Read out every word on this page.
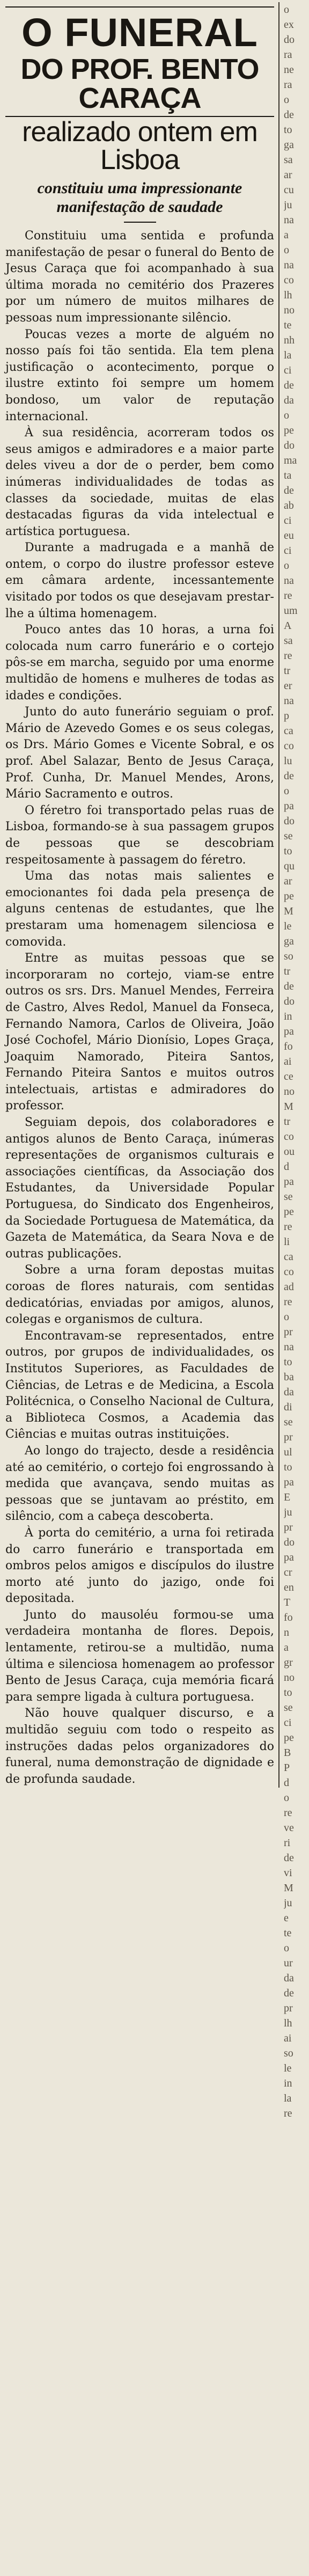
O FUNERAL
DO PROF. BENTO CARAÇA
realizado ontem em Lisboa
constituiu uma impressionante
manifestação de saudade

Constituiu uma sentida e profunda manifestação de pesar o funeral do Bento de Jesus Caraça que foi acompanhado à sua última morada no cemitério dos Prazeres por um número de muitos milhares de pessoas num impressionante silêncio.

Poucas vezes a morte de alguém no nosso país foi tão sentida. Ela tem plena justificação o acontecimento, porque o ilustre extinto foi sempre um homem bondoso, um valor de reputação internacional.

À sua residência, acorreram todos os seus amigos e admiradores e a maior parte deles viveu a dor de o perder, bem como inúmeras individualidades de todas as classes da sociedade, muitas de elas destacadas figuras da vida intelectual e artística portuguesa.

Durante a madrugada e a manhã de ontem, o corpo do ilustre professor esteve em câmara ardente, incessantemente visitado por todos os que desejavam prestar-lhe a última homenagem.

Pouco antes das 10 horas, a urna foi colocada num carro funerário e o cortejo pôs-se em marcha, seguido por uma enorme multidão de homens e mulheres de todas as idades e condições.

Junto do auto funerário seguiam o prof. Mário de Azevedo Gomes e os seus colegas, os Drs. Mário Gomes e Vicente Sobral, e os prof. Abel Salazar, Bento de Jesus Caraça, Prof. Cunha, Dr. Manuel Mendes, Arons, Mário Sacramento e outros.

O féretro foi transportado pelas ruas de Lisboa, formando-se à sua passagem grupos de pessoas que se descobriam respeitosamente à passagem do féretro.

Uma das notas mais salientes e emocionantes foi dada pela presença de alguns centenas de estudantes, que lhe prestaram uma homenagem silenciosa e comovida.

Entre as muitas pessoas que se incorporaram no cortejo, viam-se entre outros os srs. Drs. Manuel Mendes, Ferreira de Castro, Alves Redol, Manuel da Fonseca, Fernando Namora, Carlos de Oliveira, João José Cochofel, Mário Dionísio, Lopes Graça, Joaquim Namorado, Piteira Santos, Fernando Piteira Santos e muitos outros intelectuais, artistas e admiradores do professor.

Seguiam depois, dos colaboradores e antigos alunos de Bento Caraça, inúmeras representações de organismos culturais e associações científicas, da Associação dos Estudantes, da Universidade Popular Portuguesa, do Sindicato dos Engenheiros, da Sociedade Portuguesa de Matemática, da Gazeta de Matemática, da Seara Nova e de outras publicações.

Sobre a urna foram depostas muitas coroas de flores naturais, com sentidas dedicatórias, enviadas por amigos, alunos, colegas e organismos de cultura.

Encontravam-se representados, entre outros, por grupos de individualidades, os Institutos Superiores, as Faculdades de Ciências, de Letras e de Medicina, a Escola Politécnica, o Conselho Nacional de Cultura, a Biblioteca Cosmos, a Academia das Ciências e muitas outras instituições.

Ao longo do trajecto, desde a residência até ao cemitério, o cortejo foi engrossando à medida que avançava, sendo muitas as pessoas que se juntavam ao préstito, em silêncio, com a cabeça descoberta.

À porta do cemitério, a urna foi retirada do carro funerário e transportada em ombros pelos amigos e discípulos do ilustre morto até junto do jazigo, onde foi depositada.

Junto do mausoléu formou-se uma verdadeira montanha de flores. Depois, lentamente, retirou-se a multidão, numa última e silenciosa homenagem ao professor Bento de Jesus Caraça, cuja memória ficará para sempre ligada à cultura portuguesa.

Não houve qualquer discurso, e a multidão seguiu com todo o respeito as instruções dadas pelos organizadores do funeral, numa demonstração de dignidade e de profunda saudade.

o
ex
do
ra
ne
ra
o
de
to
ga
sa
ar
cu
ju
na
a
o
na
co
lh
no
te
nh
la
ci
de
da
o
pe
do
ma
ta
de
ab
ci
eu
ci
o
na
re
um
A
sa
re
tr
er
na
p
ca
co
lu
de
o
pa
do
se
to
qu
ar
pe
M
le
ga
so
tr
de
do
in
pa
fo
ai
ce
no
M
tr
co
ou
d
pa
se
pe
re
li
ca
co
ad
re
o
pr
na
to
ba
da
di
se
pr
ul
to
pa
E
ju
pr
do
pa
cr
en
T
fo
n
a
gr
no
to
se
ci
pe
B
P
d
o
re
ve
ri
de
vi
M
ju
e
te
o
ur
da
de
pr
lh
ai
so
le
in
la
re
